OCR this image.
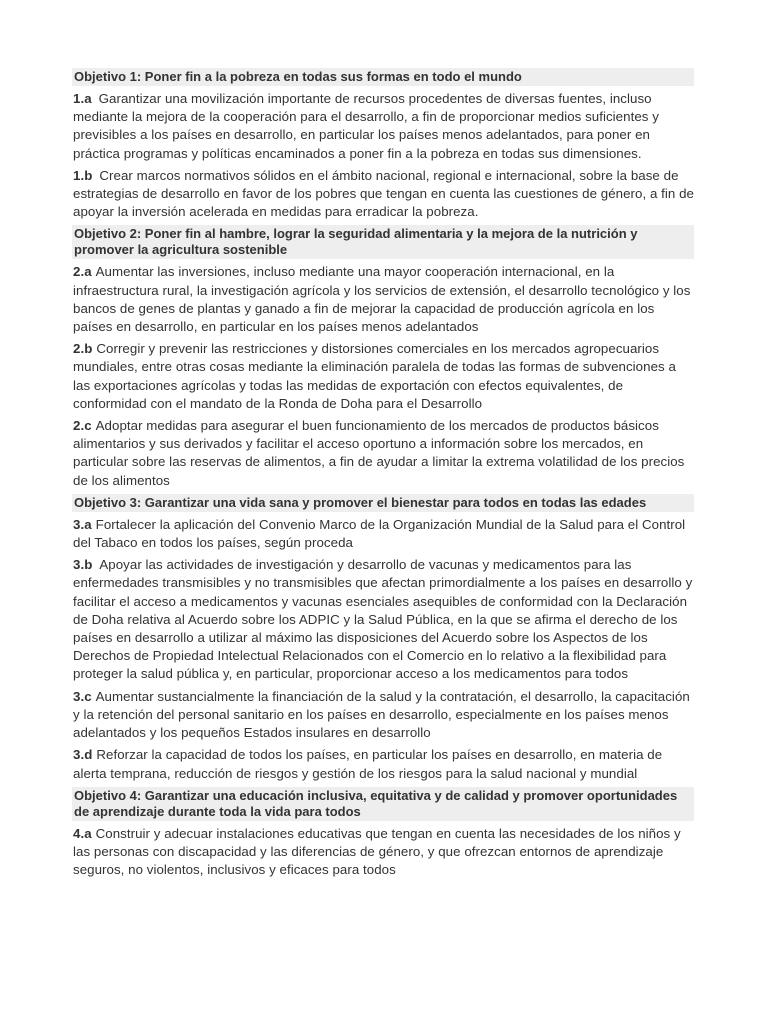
Objetivo 1: Poner fin a la pobreza en todas sus formas en todo el mundo

1.a Garantizar una movilización importante de recursos procedentes de diversas fuentes, incluso mediante la mejora de la cooperación para el desarrollo, a fin de proporcionar medios suficientes y previsibles a los países en desarrollo, en particular los países menos adelantados, para poner en práctica programas y políticas encaminados a poner fin a la pobreza en todas sus dimensiones.

1.b Crear marcos normativos sólidos en el ámbito nacional, regional e internacional, sobre la base de estrategias de desarrollo en favor de los pobres que tengan en cuenta las cuestiones de género, a fin de apoyar la inversión acelerada en medidas para erradicar la pobreza.

Objetivo 2: Poner fin al hambre, lograr la seguridad alimentaria y la mejora de la nutrición y promover la agricultura sostenible

2.a Aumentar las inversiones, incluso mediante una mayor cooperación internacional, en la infraestructura rural, la investigación agrícola y los servicios de extensión, el desarrollo tecnológico y los bancos de genes de plantas y ganado a fin de mejorar la capacidad de producción agrícola en los países en desarrollo, en particular en los países menos adelantados

2.b Corregir y prevenir las restricciones y distorsiones comerciales en los mercados agropecuarios mundiales, entre otras cosas mediante la eliminación paralela de todas las formas de subvenciones a las exportaciones agrícolas y todas las medidas de exportación con efectos equivalentes, de conformidad con el mandato de la Ronda de Doha para el Desarrollo

2.c Adoptar medidas para asegurar el buen funcionamiento de los mercados de productos básicos alimentarios y sus derivados y facilitar el acceso oportuno a información sobre los mercados, en particular sobre las reservas de alimentos, a fin de ayudar a limitar la extrema volatilidad de los precios de los alimentos

Objetivo 3: Garantizar una vida sana y promover el bienestar para todos en todas las edades

3.a Fortalecer la aplicación del Convenio Marco de la Organización Mundial de la Salud para el Control del Tabaco en todos los países, según proceda

3.b Apoyar las actividades de investigación y desarrollo de vacunas y medicamentos para las enfermedades transmisibles y no transmisibles que afectan primordialmente a los países en desarrollo y facilitar el acceso a medicamentos y vacunas esenciales asequibles de conformidad con la Declaración de Doha relativa al Acuerdo sobre los ADPIC y la Salud Pública, en la que se afirma el derecho de los países en desarrollo a utilizar al máximo las disposiciones del Acuerdo sobre los Aspectos de los Derechos de Propiedad Intelectual Relacionados con el Comercio en lo relativo a la flexibilidad para proteger la salud pública y, en particular, proporcionar acceso a los medicamentos para todos

3.c Aumentar sustancialmente la financiación de la salud y la contratación, el desarrollo, la capacitación y la retención del personal sanitario en los países en desarrollo, especialmente en los países menos adelantados y los pequeños Estados insulares en desarrollo

3.d Reforzar la capacidad de todos los países, en particular los países en desarrollo, en materia de alerta temprana, reducción de riesgos y gestión de los riesgos para la salud nacional y mundial

Objetivo 4: Garantizar una educación inclusiva, equitativa y de calidad y promover oportunidades de aprendizaje durante toda la vida para todos

4.a Construir y adecuar instalaciones educativas que tengan en cuenta las necesidades de los niños y las personas con discapacidad y las diferencias de género, y que ofrezcan entornos de aprendizaje seguros, no violentos, inclusivos y eficaces para todos
